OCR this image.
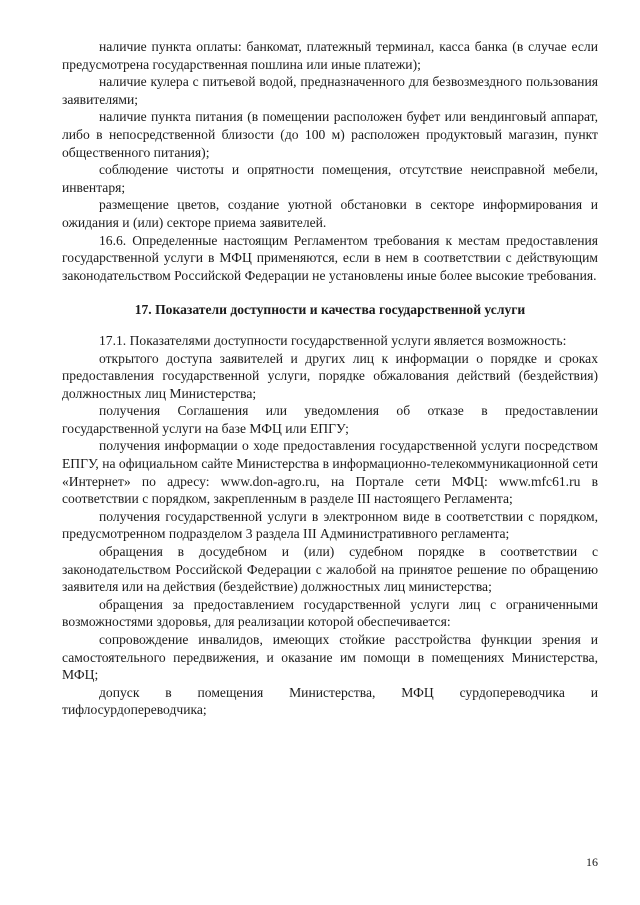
наличие пункта оплаты: банкомат, платежный терминал, касса банка (в случае если предусмотрена государственная пошлина или иные платежи);

наличие кулера с питьевой водой, предназначенного для безвозмездного пользования заявителями;

наличие пункта питания (в помещении расположен буфет или вендинговый аппарат, либо в непосредственной близости (до 100 м) расположен продуктовый магазин, пункт общественного питания);

соблюдение чистоты и опрятности помещения, отсутствие неисправной мебели, инвентаря;

размещение цветов, создание уютной обстановки в секторе информирования и ожидания и (или) секторе приема заявителей.

16.6. Определенные настоящим Регламентом требования к местам предоставления государственной услуги в МФЦ применяются, если в нем в соответствии с действующим законодательством Российской Федерации не установлены иные более высокие требования.

17. Показатели доступности и качества государственной услуги

17.1. Показателями доступности государственной услуги является возможность:

открытого доступа заявителей и других лиц к информации о порядке и сроках предоставления государственной услуги, порядке обжалования действий (бездействия) должностных лиц Министерства;

получения Соглашения или уведомления об отказе в предоставлении государственной услуги на базе МФЦ или ЕПГУ;

получения информации о ходе предоставления государственной услуги посредством ЕПГУ, на официальном сайте Министерства в информационно-телекоммуникационной сети «Интернет» по адресу: www.don-agro.ru, на Портале сети МФЦ: www.mfc61.ru в соответствии с порядком, закрепленным в разделе III настоящего Регламента;

получения государственной услуги в электронном виде в соответствии с порядком, предусмотренном подразделом 3 раздела III Административного регламента;

обращения в досудебном и (или) судебном порядке в соответствии с законодательством Российской Федерации с жалобой на принятое решение по обращению заявителя или на действия (бездействие) должностных лиц министерства;

обращения за предоставлением государственной услуги лиц с ограниченными возможностями здоровья, для реализации которой обеспечивается:

сопровождение инвалидов, имеющих стойкие расстройства функции зрения и самостоятельного передвижения, и оказание им помощи в помещениях Министерства, МФЦ;

допуск в помещения Министерства, МФЦ сурдопереводчика и тифлосурдопереводчика;

16
